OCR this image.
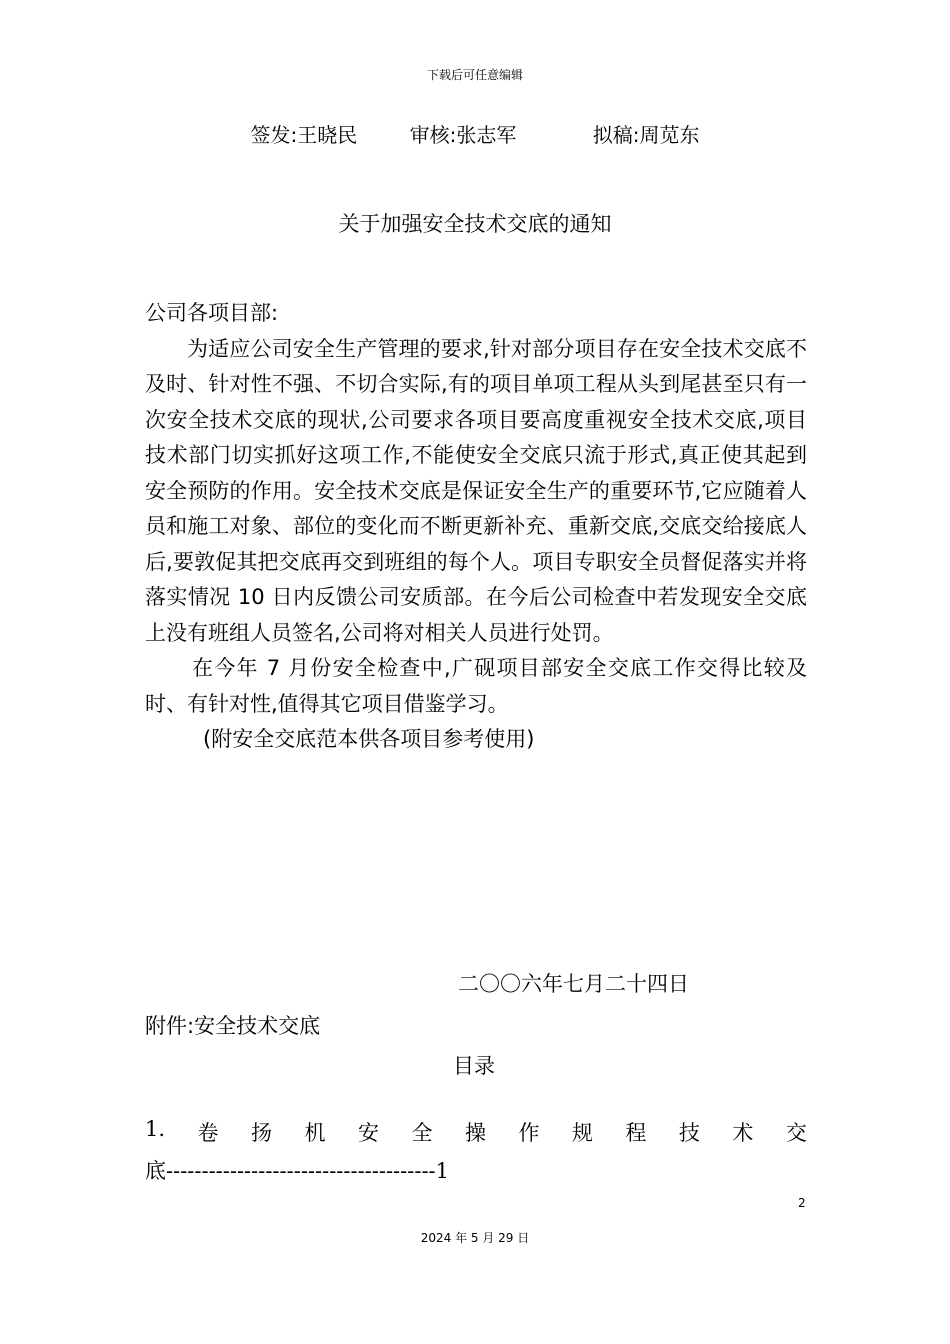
下载后可任意编辑
签发:王晓民	审核:张志军	拟稿:周苋东
关于加强安全技术交底的通知

公司各项目部:

为适应公司安全生产管理的要求,针对部分项目存在安全技术交底不及时、针对性不强、不切合实际,有的项目单项工程从头到尾甚至只有一次安全技术交底的现状,公司要求各项目要高度重视安全技术交底,项目技术部门切实抓好这项工作,不能使安全交底只流于形式,真正使其起到安全预防的作用。安全技术交底是保证安全生产的重要环节,它应随着人员和施工对象、部位的变化而不断更新补充、重新交底,交底交给接底人后,要敦促其把交底再交到班组的每个人。项目专职安全员督促落实并将落实情况 10 日内反馈公司安质部。在今后公司检查中若发现安全交底上没有班组人员签名,公司将对相关人员进行处罚。

在今年 7 月份安全检查中,广砚项目部安全交底工作交得比较及时、有针对性,值得其它项目借鉴学习。

(附安全交底范本供各项目参考使用)

二〇〇六年七月二十四日
附件:安全技术交底
目录
1. 卷 扬 机 安 全 操 作 规 程 技 术 交
底--------------------------------------1
2
2024 年 5 月 29 日
